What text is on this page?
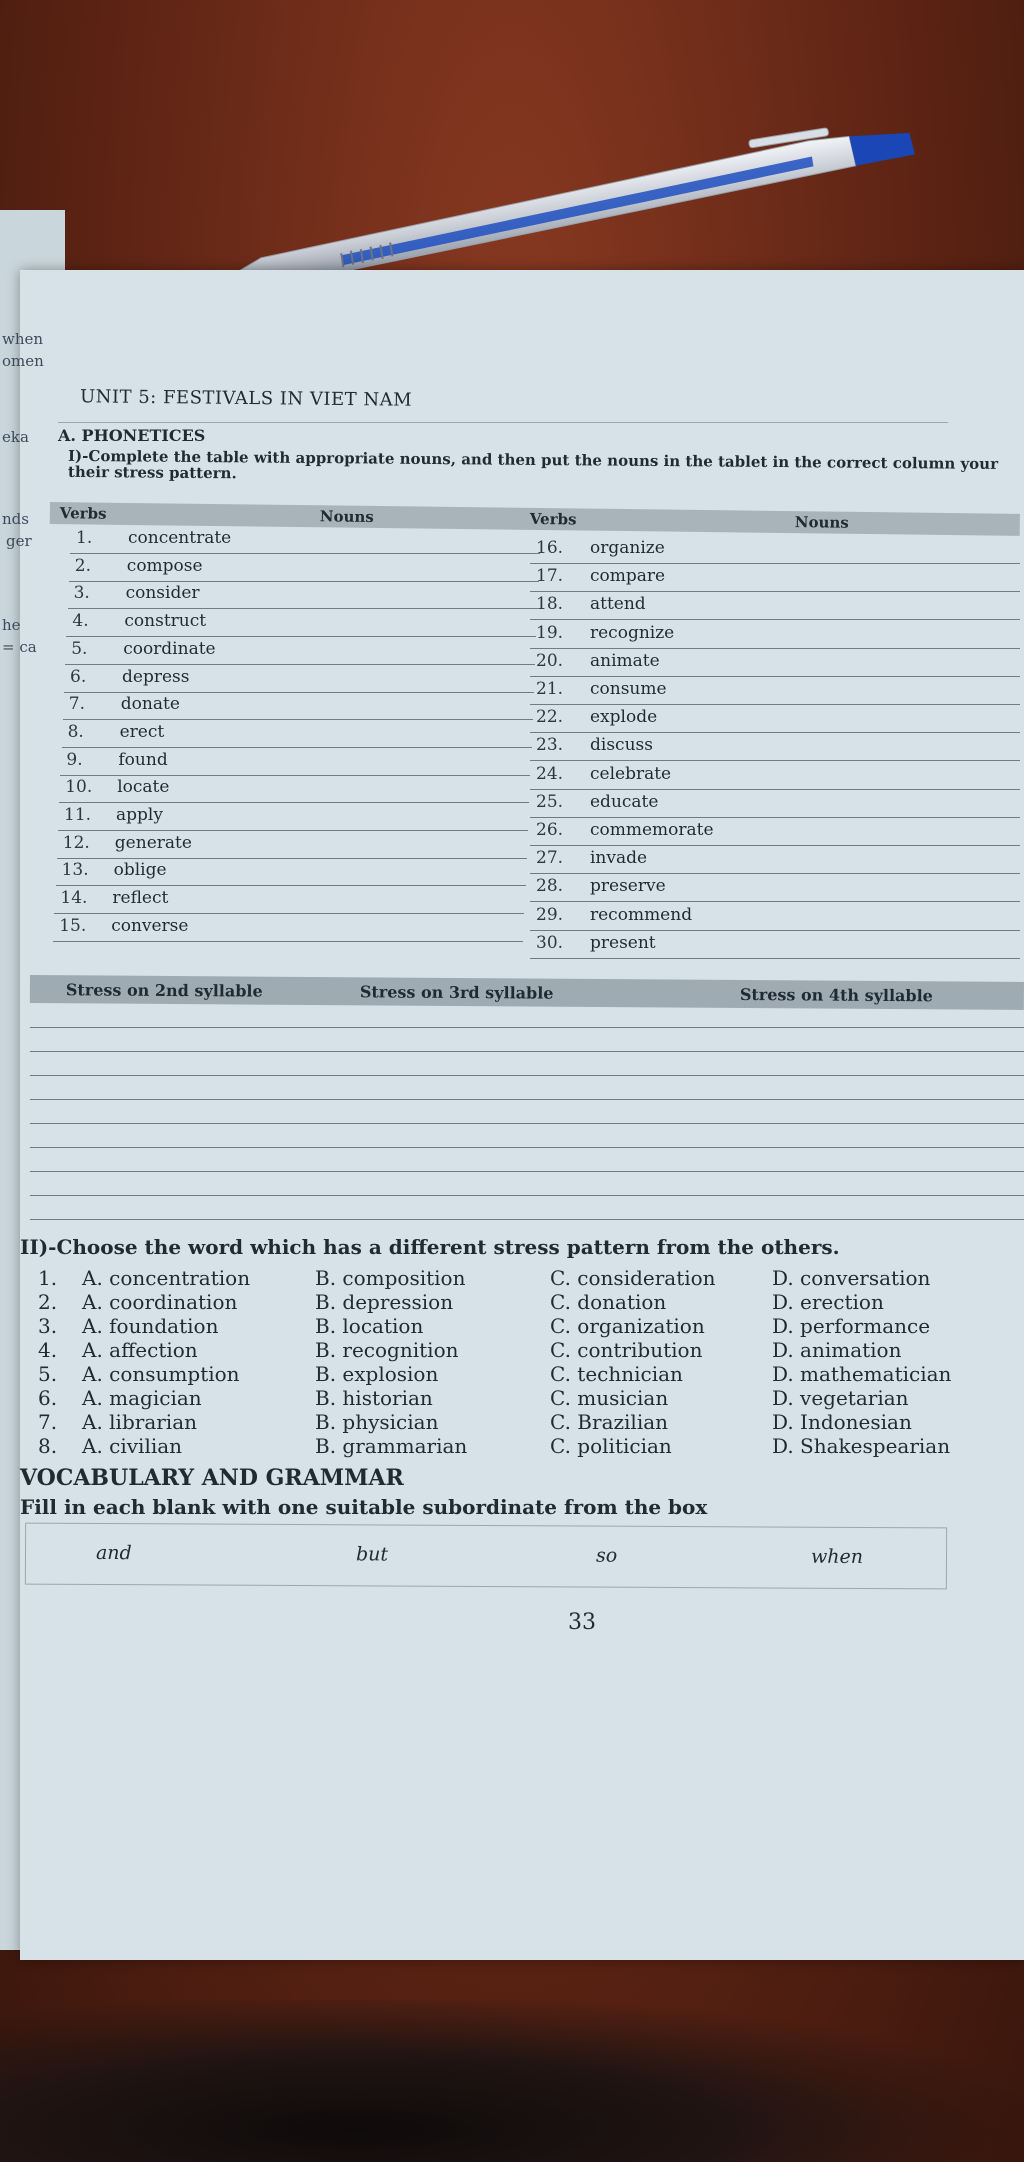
when
omen
eka
nds
ger
he
= ca
UNIT 5: FESTIVALS IN VIET NAM
A. PHONETICES
I)-Complete the table with appropriate nouns, and then put the nouns in the tablet in the correct column your their stress pattern.
Verbs	Nouns	Verbs	Nouns
1.	concentrate
2.	compose
3.	consider
4.	construct
5.	coordinate
6.	depress
7.	donate
8.	erect
9.	found
10.	locate
11.	apply
12.	generate
13.	oblige
14.	reflect
15.	converse
16.	organize
17.	compare
18.	attend
19.	recognize
20.	animate
21.	consume
22.	explode
23.	discuss
24.	celebrate
25.	educate
26.	commemorate
27.	invade
28.	preserve
29.	recommend
30.	present
Stress on 2nd syllable	Stress on 3rd syllable	Stress on 4th syllable
II)-Choose the word which has a different stress pattern from the others.
1. A. concentration	B. composition	C. consideration	D. conversation
2. A. coordination	B. depression	C. donation	D. erection
3. A. foundation	B. location	C. organization	D. performance
4. A. affection	B. recognition	C. contribution	D. animation
5. A. consumption	B. explosion	C. technician	D. mathematician
6. A. magician	B. historian	C. musician	D. vegetarian
7. A. librarian	B. physician	C. Brazilian	D. Indonesian
8. A. civilian	B. grammarian	C. politician	D. Shakespearian
VOCABULARY AND GRAMMAR
Fill in each blank with one suitable subordinate from the box
and	but	so	when
33
